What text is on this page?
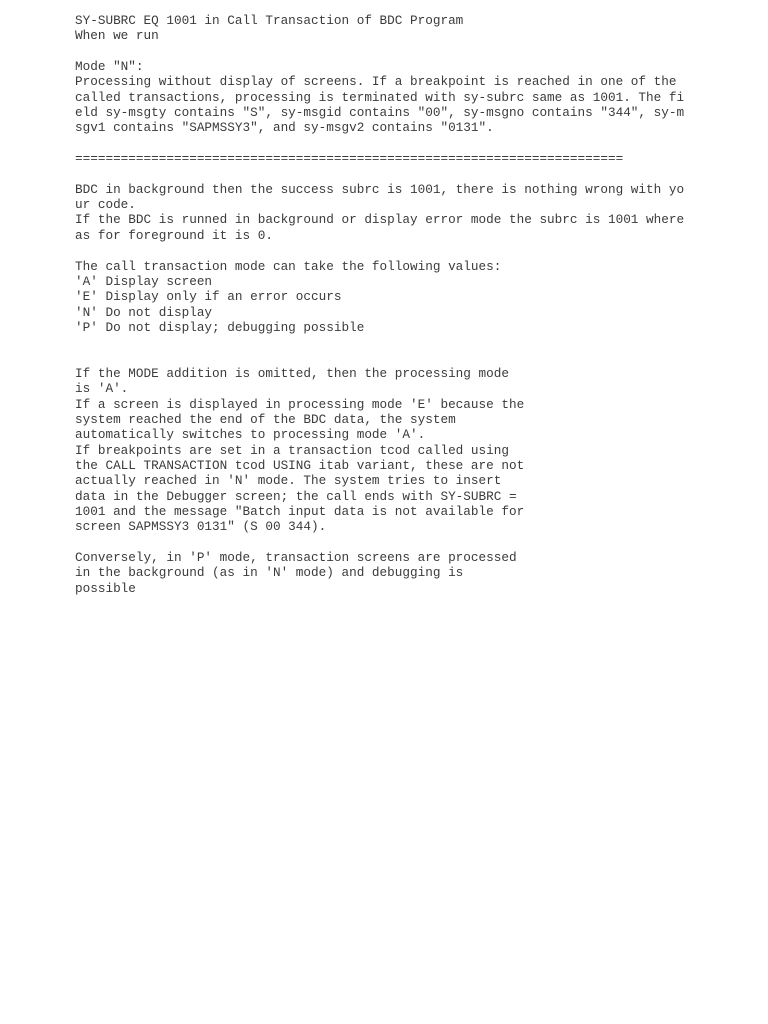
SY-SUBRC EQ 1001 in Call Transaction of BDC Program
When we run
Mode "N":
Processing without display of screens. If a breakpoint is reached in one of the
called transactions, processing is terminated with sy-subrc same as 1001. The fi
eld sy-msgty contains "S", sy-msgid contains "00", sy-msgno contains "344", sy-m
sgv1 contains "SAPMSSY3", and sy-msgv2 contains "0131".
========================================================================
BDC in background then the success subrc is 1001, there is nothing wrong with yo
ur code.
If the BDC is runned in background or display error mode the subrc is 1001 where
as for foreground it is 0.
The call transaction mode can take the following values:
'A' Display screen
'E' Display only if an error occurs
'N' Do not display
'P' Do not display; debugging possible
If the MODE addition is omitted, then the processing mode
is 'A'.
If a screen is displayed in processing mode 'E' because the
system reached the end of the BDC data, the system
automatically switches to processing mode 'A'.
If breakpoints are set in a transaction tcod called using
the CALL TRANSACTION tcod USING itab variant, these are not
actually reached in 'N' mode. The system tries to insert
data in the Debugger screen; the call ends with SY-SUBRC =
1001 and the message "Batch input data is not available for
screen SAPMSSY3 0131" (S 00 344).
Conversely, in 'P' mode, transaction screens are processed
in the background (as in 'N' mode) and debugging is
possible
